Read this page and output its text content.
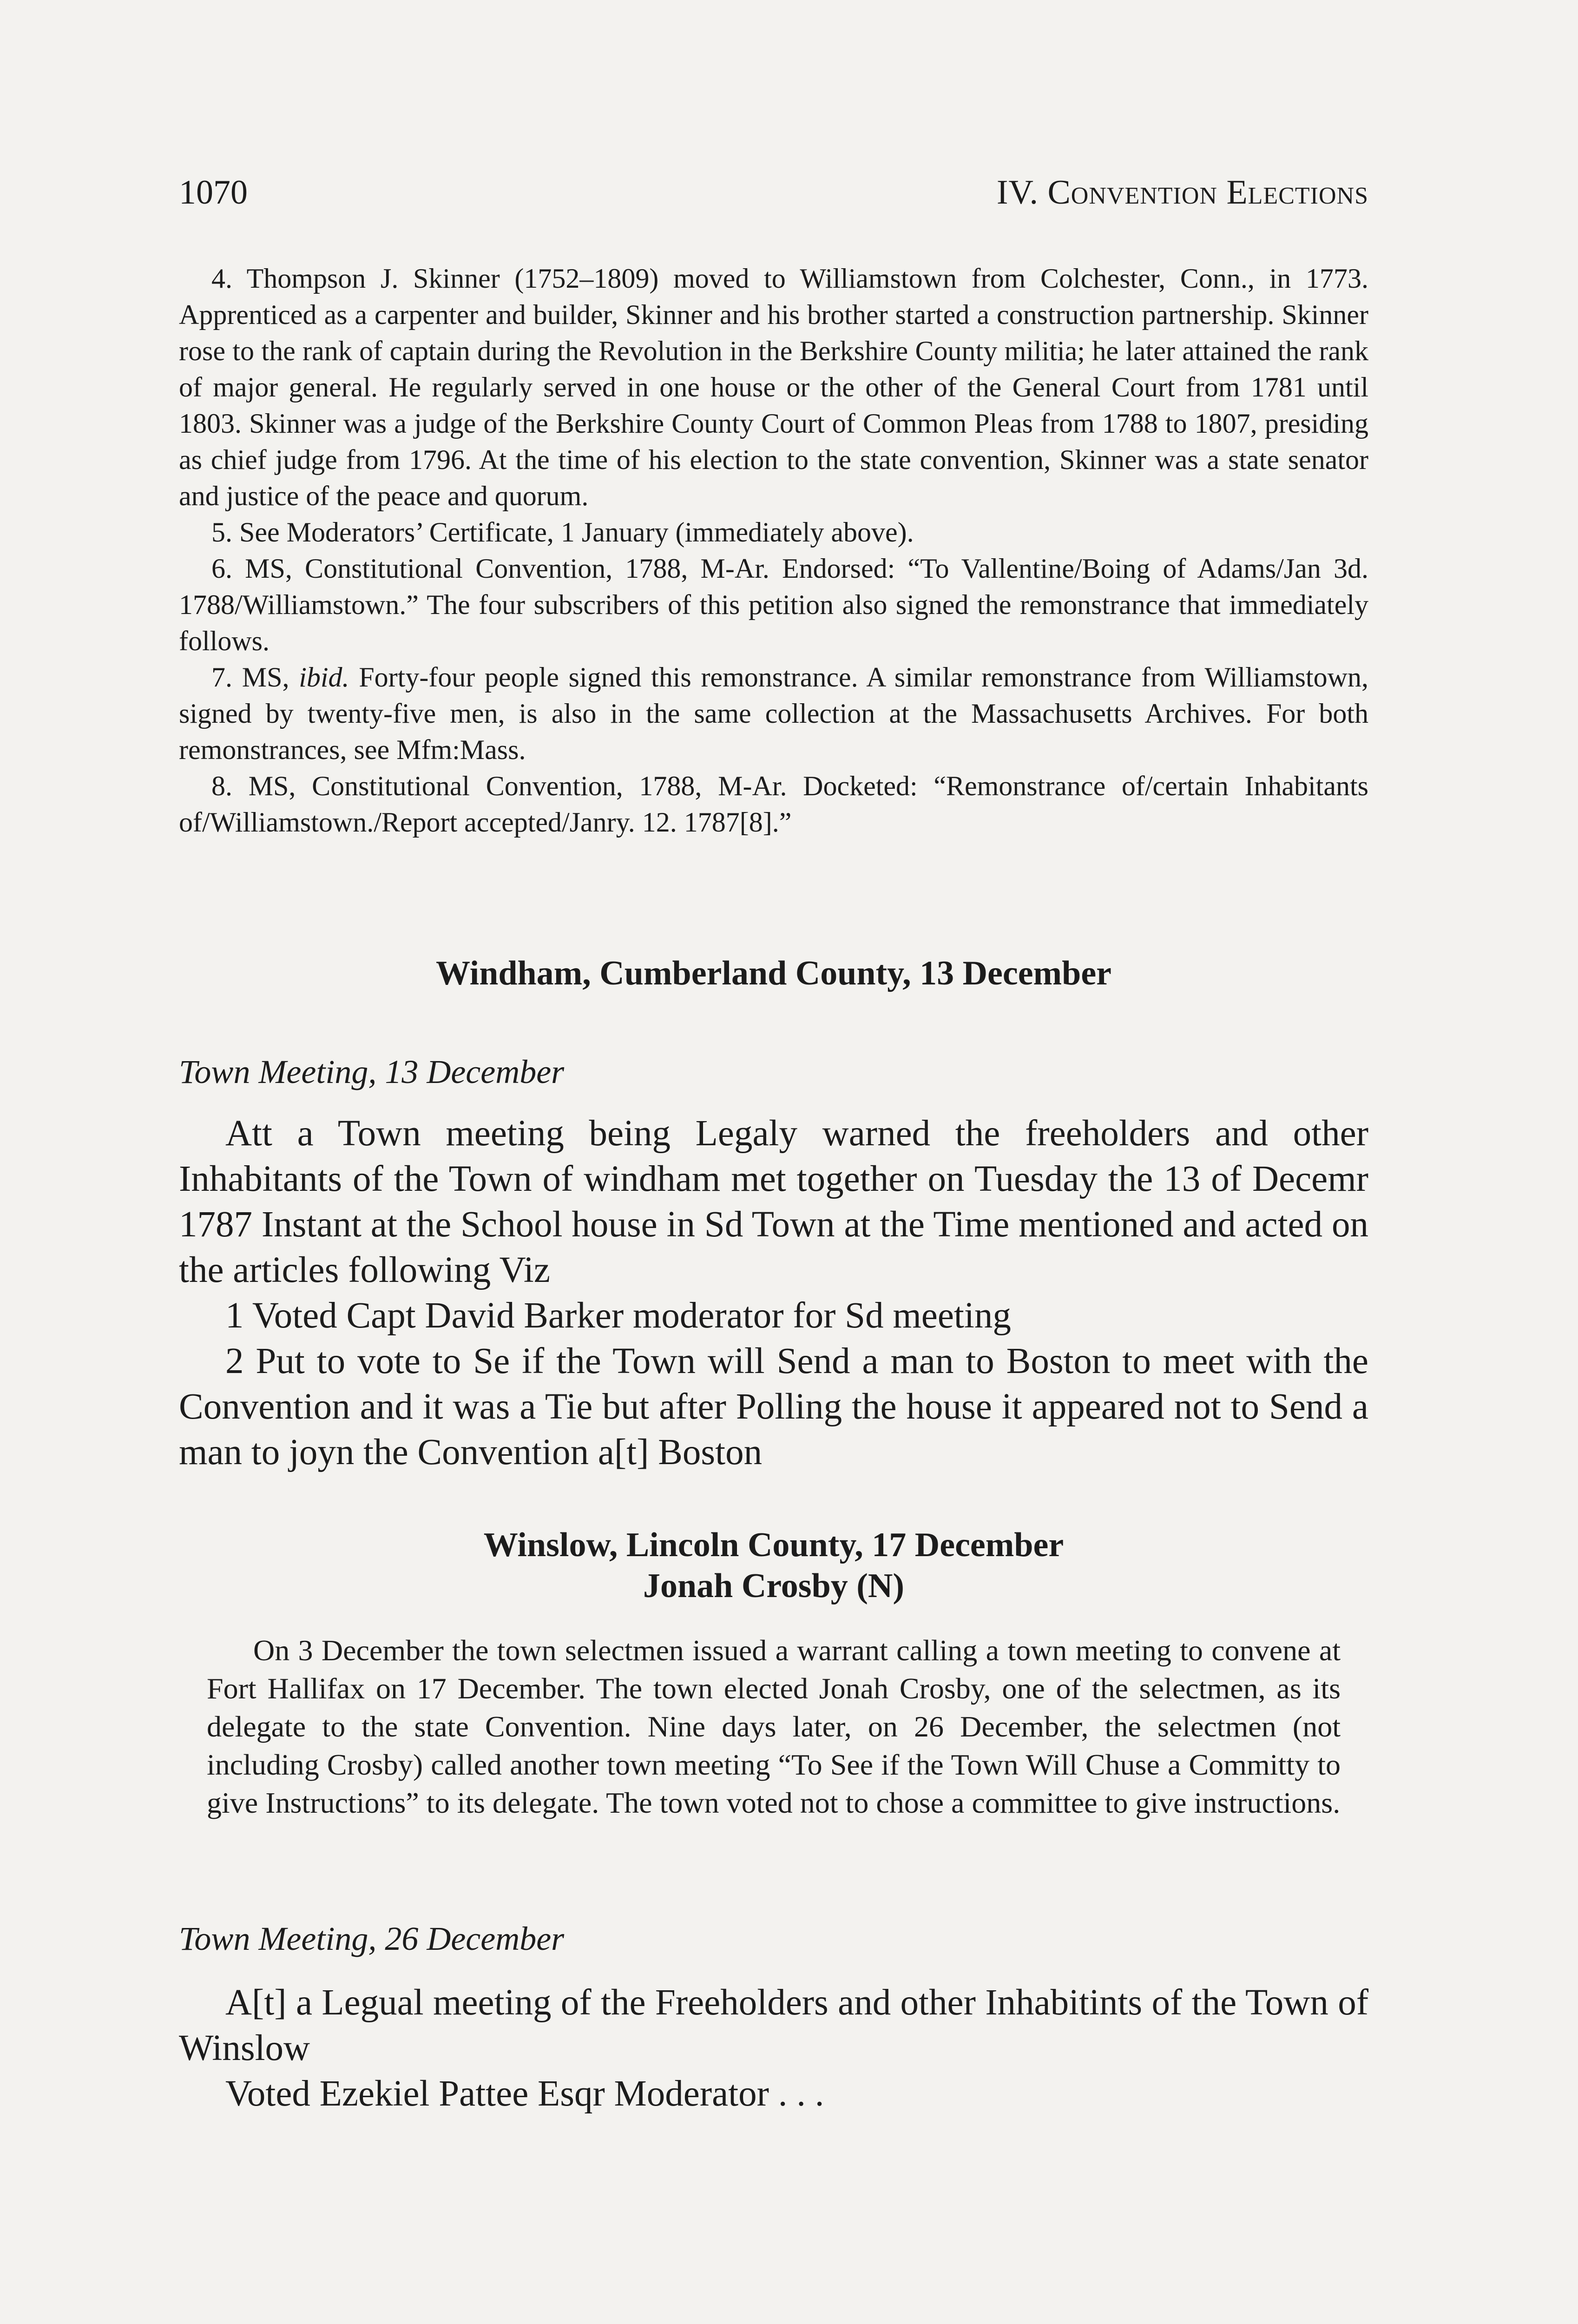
1070	IV. Convention Elections

4. Thompson J. Skinner (1752–1809) moved to Williamstown from Colchester, Conn., in 1773. Apprenticed as a carpenter and builder, Skinner and his brother started a construction partnership. Skinner rose to the rank of captain during the Revolution in the Berkshire County militia; he later attained the rank of major general. He regularly served in one house or the other of the General Court from 1781 until 1803. Skinner was a judge of the Berkshire County Court of Common Pleas from 1788 to 1807, presiding as chief judge from 1796. At the time of his election to the state convention, Skinner was a state senator and justice of the peace and quorum.

5. See Moderators’ Certificate, 1 January (immediately above).

6. MS, Constitutional Convention, 1788, M-Ar. Endorsed: “To Vallentine/Boing of Adams/Jan 3d. 1788/Williamstown.” The four subscribers of this petition also signed the remonstrance that immediately follows.

7. MS, ibid. Forty-four people signed this remonstrance. A similar remonstrance from Williamstown, signed by twenty-five men, is also in the same collection at the Massachusetts Archives. For both remonstrances, see Mfm:Mass.

8. MS, Constitutional Convention, 1788, M-Ar. Docketed: “Remonstrance of/certain Inhabitants of/Williamstown./Report accepted/Janry. 12. 1787[8].”

Windham, Cumberland County, 13 December

Town Meeting, 13 December

Att a Town meeting being Legaly warned the freeholders and other Inhabitants of the Town of windham met together on Tuesday the 13 of Decemr 1787 Instant at the School house in Sd Town at the Time mentioned and acted on the articles following Viz

1 Voted Capt David Barker moderator for Sd meeting

2 Put to vote to Se if the Town will Send a man to Boston to meet with the Convention and it was a Tie but after Polling the house it appeared not to Send a man to joyn the Convention a[t] Boston

Winslow, Lincoln County, 17 December
Jonah Crosby (N)

On 3 December the town selectmen issued a warrant calling a town meeting to convene at Fort Hallifax on 17 December. The town elected Jonah Crosby, one of the selectmen, as its delegate to the state Convention. Nine days later, on 26 December, the selectmen (not including Crosby) called another town meeting “To See if the Town Will Chuse a Committy to give Instructions” to its delegate. The town voted not to chose a committee to give instructions.

Town Meeting, 26 December

A[t] a Legual meeting of the Freeholders and other Inhabitints of the Town of Winslow

Voted Ezekiel Pattee Esqr Moderator . . .
